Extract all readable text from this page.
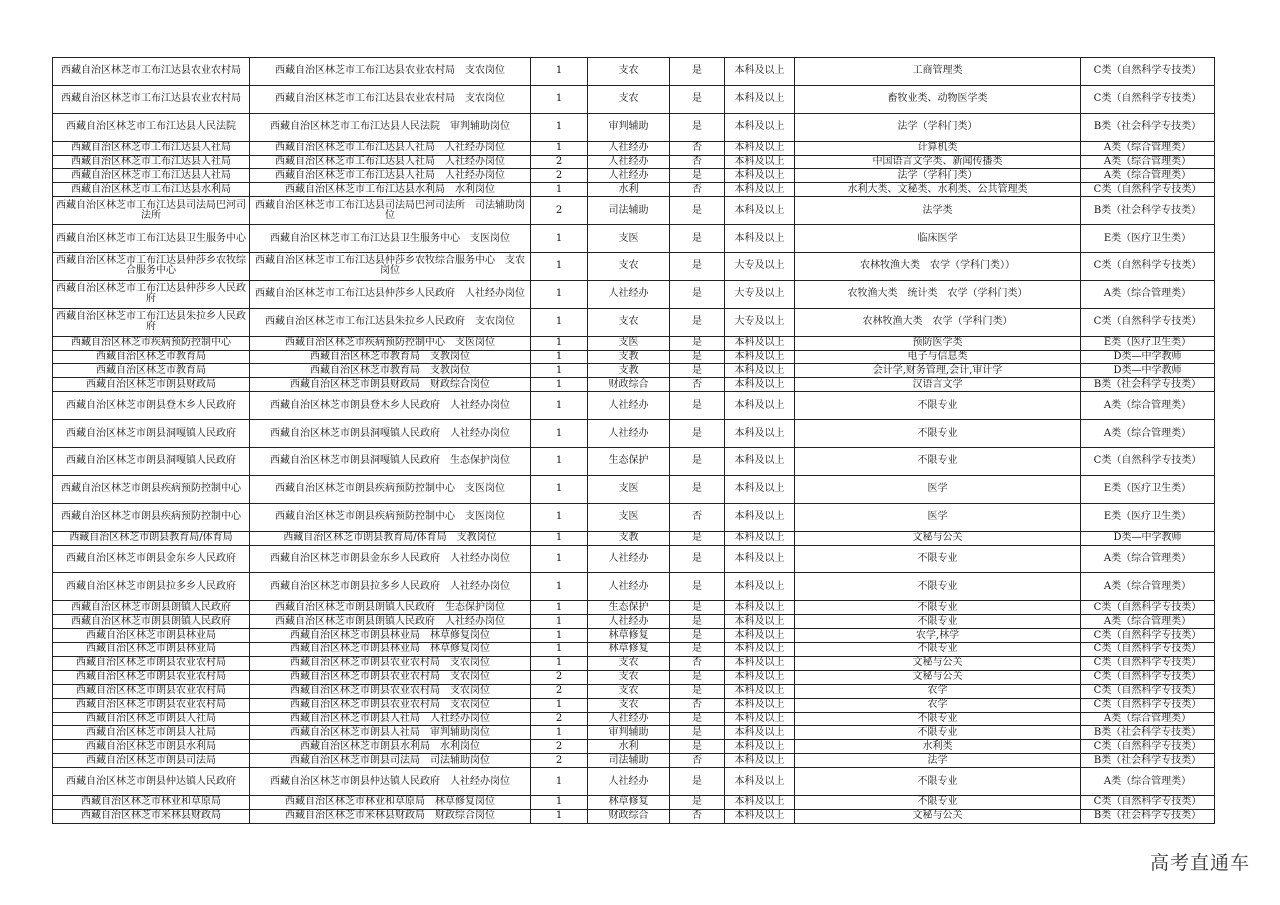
西藏自治区林芝市工布江达县农业农村局	西藏自治区林芝市工布江达县农业农村局　支农岗位	1	支农	是	本科及以上	工商管理类	C类（自然科学专技类）
西藏自治区林芝市工布江达县农业农村局	西藏自治区林芝市工布江达县农业农村局　支农岗位	1	支农	是	本科及以上	畜牧业类、动物医学类	C类（自然科学专技类）
西藏自治区林芝市工布江达县人民法院	西藏自治区林芝市工布江达县人民法院　审判辅助岗位	1	审判辅助	是	本科及以上	法学（学科门类）	B类（社会科学专技类）
西藏自治区林芝市工布江达县人社局	西藏自治区林芝市工布江达县人社局　人社经办岗位	1	人社经办	否	本科及以上	计算机类	A类（综合管理类）
西藏自治区林芝市工布江达县人社局	西藏自治区林芝市工布江达县人社局　人社经办岗位	2	人社经办	否	本科及以上	中国语言文学类、新闻传播类	A类（综合管理类）
西藏自治区林芝市工布江达县人社局	西藏自治区林芝市工布江达县人社局　人社经办岗位	2	人社经办	是	本科及以上	法学（学科门类）	A类（综合管理类）
西藏自治区林芝市工布江达县水利局	西藏自治区林芝市工布江达县水利局　水利岗位	1	水利	否	本科及以上	水利大类、文秘类、水利类、公共管理类	C类（自然科学专技类）
西藏自治区林芝市工布江达县司法局巴河司法所	西藏自治区林芝市工布江达县司法局巴河司法所　司法辅助岗位	2	司法辅助	是	本科及以上	法学类	B类（社会科学专技类）
西藏自治区林芝市工布江达县卫生服务中心	西藏自治区林芝市工布江达县卫生服务中心　支医岗位	1	支医	是	本科及以上	临床医学	E类（医疗卫生类）
西藏自治区林芝市工布江达县仲莎乡农牧综合服务中心	西藏自治区林芝市工布江达县仲莎乡农牧综合服务中心　支农岗位	1	支农	是	大专及以上	农林牧渔大类　农学（学科门类））	C类（自然科学专技类）
西藏自治区林芝市工布江达县仲莎乡人民政府	西藏自治区林芝市工布江达县仲莎乡人民政府　人社经办岗位	1	人社经办	是	大专及以上	农牧渔大类　统计类　农学（学科门类）	A类（综合管理类）
西藏自治区林芝市工布江达县朱拉乡人民政府	西藏自治区林芝市工布江达县朱拉乡人民政府　支农岗位	1	支农	是	大专及以上	农林牧渔大类　农学（学科门类）	C类（自然科学专技类）
西藏自治区林芝市疾病预防控制中心	西藏自治区林芝市疾病预防控制中心　支医岗位	1	支医	是	本科及以上	预防医学类	E类（医疗卫生类）
西藏自治区林芝市教育局	西藏自治区林芝市教育局　支教岗位	1	支教	是	本科及以上	电子与信息类	D类—中学教师
西藏自治区林芝市教育局	西藏自治区林芝市教育局　支教岗位	1	支教	是	本科及以上	会计学,财务管理,会计,审计学	D类—中学教师
西藏自治区林芝市朗县财政局	西藏自治区林芝市朗县财政局　财政综合岗位	1	财政综合	否	本科及以上	汉语言文学	B类（社会科学专技类）
西藏自治区林芝市朗县登木乡人民政府	西藏自治区林芝市朗县登木乡人民政府　人社经办岗位	1	人社经办	是	本科及以上	不限专业	A类（综合管理类）
西藏自治区林芝市朗县洞嘎镇人民政府	西藏自治区林芝市朗县洞嘎镇人民政府　人社经办岗位	1	人社经办	是	本科及以上	不限专业	A类（综合管理类）
西藏自治区林芝市朗县洞嘎镇人民政府	西藏自治区林芝市朗县洞嘎镇人民政府　生态保护岗位	1	生态保护	是	本科及以上	不限专业	C类（自然科学专技类）
西藏自治区林芝市朗县疾病预防控制中心	西藏自治区林芝市朗县疾病预防控制中心　支医岗位	1	支医	是	本科及以上	医学	E类（医疗卫生类）
西藏自治区林芝市朗县疾病预防控制中心	西藏自治区林芝市朗县疾病预防控制中心　支医岗位	1	支医	否	本科及以上	医学	E类（医疗卫生类）
西藏自治区林芝市朗县教育局/体育局	西藏自治区林芝市朗县教育局/体育局　支教岗位	1	支教	是	本科及以上	文秘与公关	D类—中学教师
西藏自治区林芝市朗县金东乡人民政府	西藏自治区林芝市朗县金东乡人民政府　人社经办岗位	1	人社经办	是	本科及以上	不限专业	A类（综合管理类）
西藏自治区林芝市朗县拉多乡人民政府	西藏自治区林芝市朗县拉多乡人民政府　人社经办岗位	1	人社经办	是	本科及以上	不限专业	A类（综合管理类）
西藏自治区林芝市朗县朗镇人民政府	西藏自治区林芝市朗县朗镇人民政府　生态保护岗位	1	生态保护	是	本科及以上	不限专业	C类（自然科学专技类）
西藏自治区林芝市朗县朗镇人民政府	西藏自治区林芝市朗县朗镇人民政府　人社经办岗位	1	人社经办	是	本科及以上	不限专业	A类（综合管理类）
西藏自治区林芝市朗县林业局	西藏自治区林芝市朗县林业局　林草修复岗位	1	林草修复	是	本科及以上	农学,林学	C类（自然科学专技类）
西藏自治区林芝市朗县林业局	西藏自治区林芝市朗县林业局　林草修复岗位	1	林草修复	是	本科及以上	不限专业	C类（自然科学专技类）
西藏自治区林芝市朗县农业农村局	西藏自治区林芝市朗县农业农村局　支农岗位	1	支农	否	本科及以上	文秘与公关	C类（自然科学专技类）
西藏自治区林芝市朗县农业农村局	西藏自治区林芝市朗县农业农村局　支农岗位	2	支农	是	本科及以上	文秘与公关	C类（自然科学专技类）
西藏自治区林芝市朗县农业农村局	西藏自治区林芝市朗县农业农村局　支农岗位	2	支农	是	本科及以上	农学	C类（自然科学专技类）
西藏自治区林芝市朗县农业农村局	西藏自治区林芝市朗县农业农村局　支农岗位	1	支农	否	本科及以上	农学	C类（自然科学专技类）
西藏自治区林芝市朗县人社局	西藏自治区林芝市朗县人社局　人社经办岗位	2	人社经办	是	本科及以上	不限专业	A类（综合管理类）
西藏自治区林芝市朗县人社局	西藏自治区林芝市朗县人社局　审判辅助岗位	1	审判辅助	是	本科及以上	不限专业	B类（社会科学专技类）
西藏自治区林芝市朗县水利局	西藏自治区林芝市朗县水利局　水利岗位	2	水利	是	本科及以上	水利类	C类（自然科学专技类）
西藏自治区林芝市朗县司法局	西藏自治区林芝市朗县司法局　司法辅助岗位	2	司法辅助	否	本科及以上	法学	B类（社会科学专技类）
西藏自治区林芝市朗县仲达镇人民政府	西藏自治区林芝市朗县仲达镇人民政府　人社经办岗位	1	人社经办	是	本科及以上	不限专业	A类（综合管理类）
西藏自治区林芝市林业和草原局	西藏自治区林芝市林业和草原局　林草修复岗位	1	林草修复	是	本科及以上	不限专业	C类（自然科学专技类）
西藏自治区林芝市米林县财政局	西藏自治区林芝市米林县财政局　财政综合岗位	1	财政综合	否	本科及以上	文秘与公关	B类（社会科学专技类）
高考直通车
